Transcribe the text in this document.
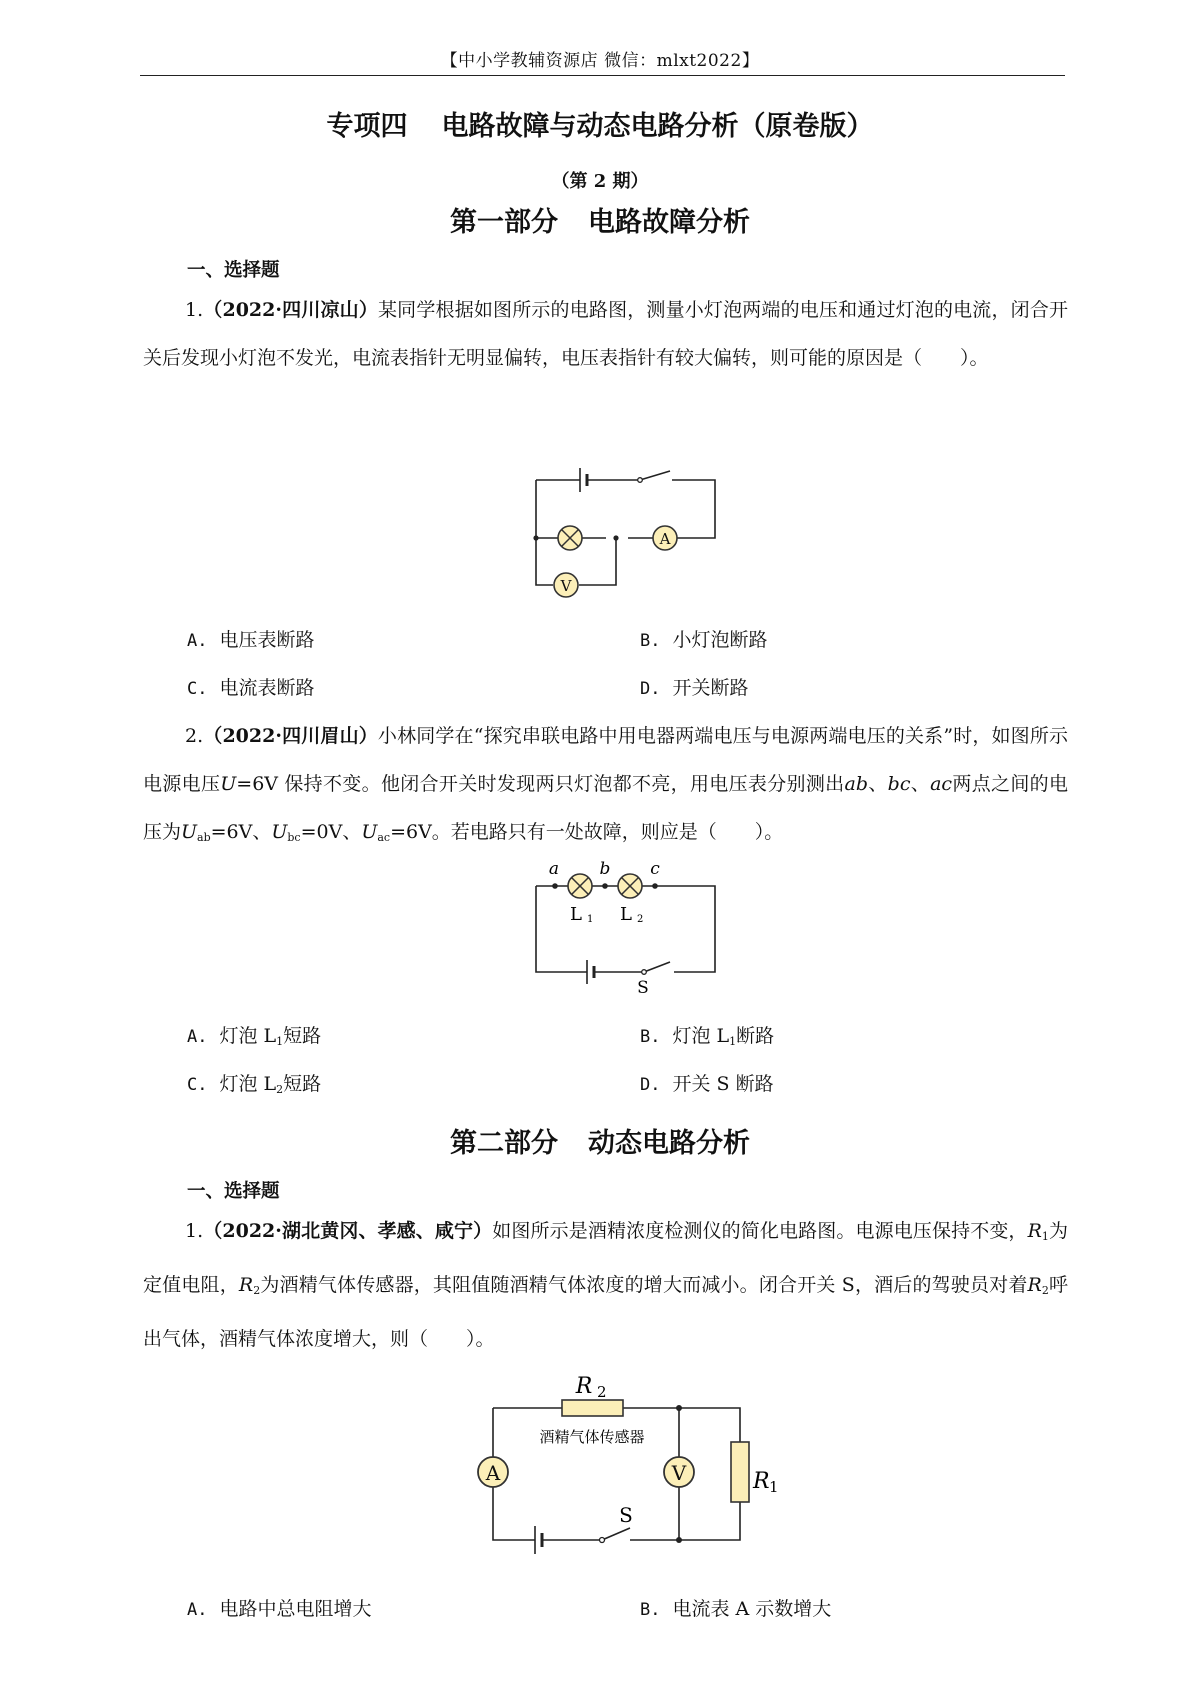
【中小学教辅资源店 微信：mlxt2022】
专项四 电路故障与动态电路分析（原卷版）
（第 2 期）
第一部分 电路故障分析
一、选择题
1.（2022·四川凉山）某同学根据如图所示的电路图，测量小灯泡两端的电压和通过灯泡的电流，闭合开关后发现小灯泡不发光，电流表指针无明显偏转，电压表指针有较大偏转，则可能的原因是（　　）。
A
V
A. 电压表断路	B. 小灯泡断路
C. 电流表断路	D. 开关断路
2.（2022·四川眉山）小林同学在“探究串联电路中用电器两端电压与电源两端电压的关系”时，如图所示电源电压U=6V 保持不变。他闭合开关时发现两只灯泡都不亮，用电压表分别测出ab、bc、ac两点之间的电压为$U_{ab}=6V$、$U_{bc}=0V$、$U_{ac}=6V$。若电路只有一处故障，则应是（　　）。
a b c
L 1 L 2
S
A. 灯泡 $L_1$短路	B. 灯泡 $L_1$断路
C. 灯泡 $L_2$短路	D. 开关 S 断路
第二部分 动态电路分析
一、选择题
1.（2022·湖北黄冈、孝感、咸宁）如图所示是酒精浓度检测仪的简化电路图。电源电压保持不变，$R_1$为定值电阻，$R_2$为酒精气体传感器，其阻值随酒精气体浓度的增大而减小。闭合开关 S，酒后的驾驶员对着$R_2$呼出气体，酒精气体浓度增大，则（　　）。
A	V
R 2
酒精气体传感器
R 1
S
A. 电路中总电阻增大	B. 电流表 A 示数增大
